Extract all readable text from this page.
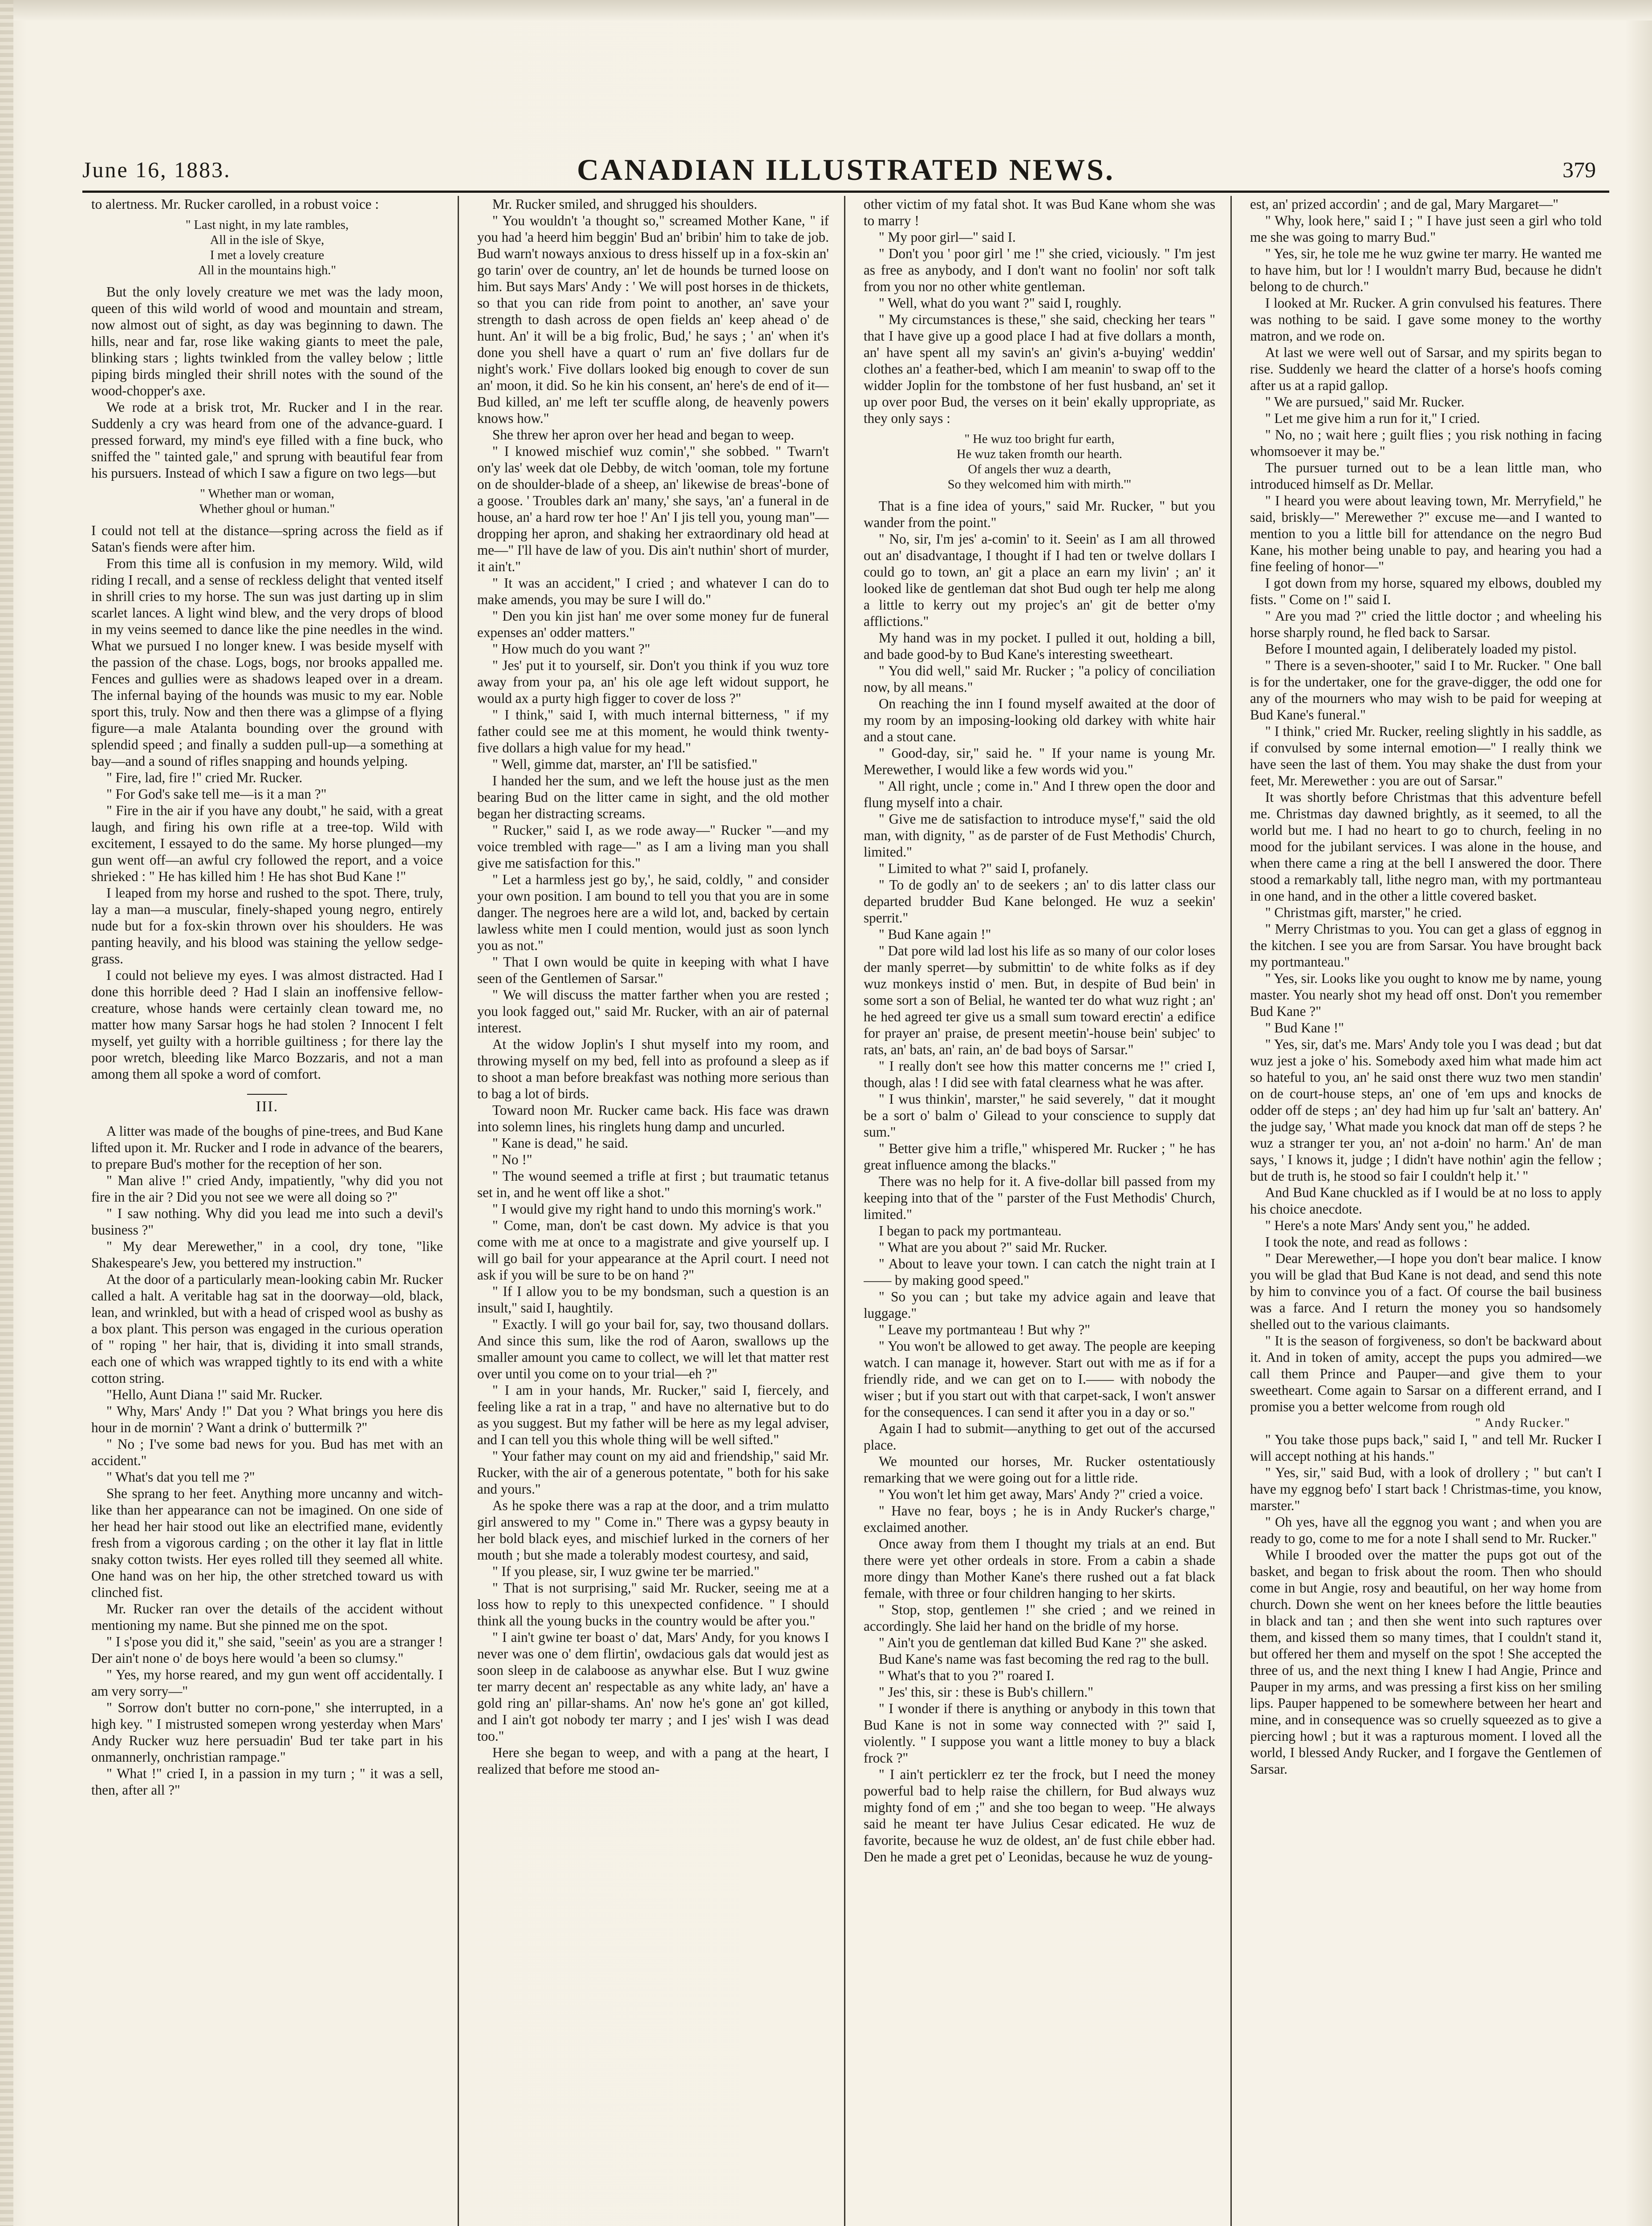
June 16, 1883.	CANADIAN ILLUSTRATED NEWS.	379

to alertness. Mr. Rucker carolled, in a robust voice :

" Last night, in my late rambles,
All in the isle of Skye,
I met a lovely creature
All in the mountains high."

But the only lovely creature we met was the lady moon, queen of this wild world of wood and mountain and stream, now almost out of sight, as day was beginning to dawn. The hills, near and far, rose like waking giants to meet the pale, blinking stars ; lights twinkled from the valley below ; little piping birds mingled their shrill notes with the sound of the wood-chopper's axe.

We rode at a brisk trot, Mr. Rucker and I in the rear. Suddenly a cry was heard from one of the advance-guard. I pressed forward, my mind's eye filled with a fine buck, who sniffed the " tainted gale," and sprung with beautiful fear from his pursuers. Instead of which I saw a figure on two legs—but

" Whether man or woman,
Whether ghoul or human."

I could not tell at the distance—spring across the field as if Satan's fiends were after him.

From this time all is confusion in my memory. Wild, wild riding I recall, and a sense of reckless delight that vented itself in shrill cries to my horse. The sun was just darting up in slim scarlet lances. A light wind blew, and the very drops of blood in my veins seemed to dance like the pine needles in the wind. What we pursued I no longer knew. I was beside myself with the passion of the chase. Logs, bogs, nor brooks appalled me. Fences and gullies were as shadows leaped over in a dream. The infernal baying of the hounds was music to my ear. Noble sport this, truly. Now and then there was a glimpse of a flying figure—a male Atalanta bounding over the ground with splendid speed ; and finally a sudden pull-up—a something at bay—and a sound of rifles snapping and hounds yelping.

" Fire, lad, fire !" cried Mr. Rucker.

" For God's sake tell me—is it a man ?"

" Fire in the air if you have any doubt," he said, with a great laugh, and firing his own rifle at a tree-top. Wild with excitement, I essayed to do the same. My horse plunged—my gun went off—an awful cry followed the report, and a voice shrieked : " He has killed him ! He has shot Bud Kane !"

I leaped from my horse and rushed to the spot. There, truly, lay a man—a muscular, finely-shaped young negro, entirely nude but for a fox-skin thrown over his shoulders. He was panting heavily, and his blood was staining the yellow sedge-grass.

I could not believe my eyes. I was almost distracted. Had I done this horrible deed ? Had I slain an inoffensive fellow-creature, whose hands were certainly clean toward me, no matter how many Sarsar hogs he had stolen ? Innocent I felt myself, yet guilty with a horrible guiltiness ; for there lay the poor wretch, bleeding like Marco Bozzaris, and not a man among them all spoke a word of comfort.

III.

A litter was made of the boughs of pine-trees, and Bud Kane lifted upon it. Mr. Rucker and I rode in advance of the bearers, to prepare Bud's mother for the reception of her son.

" Man alive !" cried Andy, impatiently, "why did you not fire in the air ? Did you not see we were all doing so ?"

" I saw nothing. Why did you lead me into such a devil's business ?"

" My dear Merewether," in a cool, dry tone, "like Shakespeare's Jew, you bettered my instruction."

At the door of a particularly mean-looking cabin Mr. Rucker called a halt. A veritable hag sat in the doorway—old, black, lean, and wrinkled, but with a head of crisped wool as bushy as a box plant. This person was engaged in the curious operation of " roping " her hair, that is, dividing it into small strands, each one of which was wrapped tightly to its end with a white cotton string.

"Hello, Aunt Diana !" said Mr. Rucker.

" Why, Mars' Andy !" Dat you ? What brings you here dis hour in de mornin' ? Want a drink o' buttermilk ?"

" No ; I've some bad news for you. Bud has met with an accident."

" What's dat you tell me ?"

She sprang to her feet. Anything more uncanny and witch-like than her appearance can not be imagined. On one side of her head her hair stood out like an electrified mane, evidently fresh from a vigorous carding ; on the other it lay flat in little snaky cotton twists. Her eyes rolled till they seemed all white. One hand was on her hip, the other stretched toward us with clinched fist.

Mr. Rucker ran over the details of the accident without mentioning my name. But she pinned me on the spot.

" I s'pose you did it," she said, "seein' as you are a stranger ! Der ain't none o' de boys here would 'a been so clumsy."

" Yes, my horse reared, and my gun went off accidentally. I am very sorry—"

" Sorrow don't butter no corn-pone," she interrupted, in a high key. " I mistrusted somepen wrong yesterday when Mars' Andy Rucker wuz here persuadin' Bud ter take part in his onmannerly, onchristian rampage."

" What !" cried I, in a passion in my turn ; " it was a sell, then, after all ?"

Mr. Rucker smiled, and shrugged his shoulders.

" You wouldn't 'a thought so," screamed Mother Kane, " if you had 'a heerd him beggin' Bud an' bribin' him to take de job. Bud warn't noways anxious to dress hisself up in a fox-skin an' go tarin' over de country, an' let de hounds be turned loose on him. But says Mars' Andy : ' We will post horses in de thickets, so that you can ride from point to another, an' save your strength to dash across de open fields an' keep ahead o' de hunt. An' it will be a big frolic, Bud,' he says ; ' an' when it's done you shell have a quart o' rum an' five dollars fur de night's work.' Five dollars looked big enough to cover de sun an' moon, it did. So he kin his consent, an' here's de end of it—Bud killed, an' me left ter scuffle along, de heavenly powers knows how."

She threw her apron over her head and began to weep.

" I knowed mischief wuz comin'," she sobbed. " Twarn't on'y las' week dat ole Debby, de witch 'ooman, tole my fortune on de shoulder-blade of a sheep, an' likewise de breas'-bone of a goose. ' Troubles dark an' many,' she says, 'an' a funeral in de house, an' a hard row ter hoe !' An' I jis tell you, young man"—dropping her apron, and shaking her extraordinary old head at me—" I'll have de law of you. Dis ain't nuthin' short of murder, it ain't."

" It was an accident," I cried ; and whatever I can do to make amends, you may be sure I will do."

" Den you kin jist han' me over some money fur de funeral expenses an' odder matters."

" How much do you want ?"

" Jes' put it to yourself, sir. Don't you think if you wuz tore away from your pa, an' his ole age left widout support, he would ax a purty high figger to cover de loss ?"

" I think," said I, with much internal bitterness, " if my father could see me at this moment, he would think twenty-five dollars a high value for my head."

" Well, gimme dat, marster, an' I'll be satisfied."

I handed her the sum, and we left the house just as the men bearing Bud on the litter came in sight, and the old mother began her distracting screams.

" Rucker," said I, as we rode away—" Rucker "—and my voice trembled with rage—" as I am a living man you shall give me satisfaction for this."

" Let a harmless jest go by,', he said, coldly, " and consider your own position. I am bound to tell you that you are in some danger. The negroes here are a wild lot, and, backed by certain lawless white men I could mention, would just as soon lynch you as not."

" That I own would be quite in keeping with what I have seen of the Gentlemen of Sarsar."

" We will discuss the matter farther when you are rested ; you look fagged out," said Mr. Rucker, with an air of paternal interest.

At the widow Joplin's I shut myself into my room, and throwing myself on my bed, fell into as profound a sleep as if to shoot a man before breakfast was nothing more serious than to bag a lot of birds.

Toward noon Mr. Rucker came back. His face was drawn into solemn lines, his ringlets hung damp and uncurled.

" Kane is dead," he said.

" No !"

" The wound seemed a trifle at first ; but traumatic tetanus set in, and he went off like a shot."

" I would give my right hand to undo this morning's work."

" Come, man, don't be cast down. My advice is that you come with me at once to a magistrate and give yourself up. I will go bail for your appearance at the April court. I need not ask if you will be sure to be on hand ?"

" If I allow you to be my bondsman, such a question is an insult," said I, haughtily.

" Exactly. I will go your bail for, say, two thousand dollars. And since this sum, like the rod of Aaron, swallows up the smaller amount you came to collect, we will let that matter rest over until you come on to your trial—eh ?"

" I am in your hands, Mr. Rucker," said I, fiercely, and feeling like a rat in a trap, " and have no alternative but to do as you suggest. But my father will be here as my legal adviser, and I can tell you this whole thing will be well sifted."

" Your father may count on my aid and friendship," said Mr. Rucker, with the air of a generous potentate, " both for his sake and yours."

As he spoke there was a rap at the door, and a trim mulatto girl answered to my " Come in." There was a gypsy beauty in her bold black eyes, and mischief lurked in the corners of her mouth ; but she made a tolerably modest courtesy, and said,

" If you please, sir, I wuz gwine ter be married."

" That is not surprising," said Mr. Rucker, seeing me at a loss how to reply to this unexpected confidence. " I should think all the young bucks in the country would be after you."

" I ain't gwine ter boast o' dat, Mars' Andy, for you knows I never was one o' dem flirtin', owdacious gals dat would jest as soon sleep in de calaboose as anywhar else. But I wuz gwine ter marry decent an' respectable as any white lady, an' have a gold ring an' pillar-shams. An' now he's gone an' got killed, and I ain't got nobody ter marry ; and I jes' wish I was dead too."

Here she began to weep, and with a pang at the heart, I realized that before me stood an-

other victim of my fatal shot. It was Bud Kane whom she was to marry !

" My poor girl—" said I.

" Don't you ' poor girl ' me !" she cried, viciously. " I'm jest as free as anybody, and I don't want no foolin' nor soft talk from you nor no other white gentleman.

" Well, what do you want ?" said I, roughly.

" My circumstances is these," she said, checking her tears " that I have give up a good place I had at five dollars a month, an' have spent all my savin's an' givin's a-buying' weddin' clothes an' a feather-bed, which I am meanin' to swap off to the widder Joplin for the tombstone of her fust husband, an' set it up over poor Bud, the verses on it bein' ekally uppropriate, as they only says :

" He wuz too bright fur earth,
He wuz taken fromth our hearth.
Of angels ther wuz a dearth,
So they welcomed him with mirth.'"

That is a fine idea of yours," said Mr. Rucker, " but you wander from the point."

" No, sir, I'm jes' a-comin' to it. Seein' as I am all throwed out an' disadvantage, I thought if I had ten or twelve dollars I could go to town, an' git a place an earn my livin' ; an' it looked like de gentleman dat shot Bud ough ter help me along a little to kerry out my projec's an' git de better o'my afflictions."

My hand was in my pocket. I pulled it out, holding a bill, and bade good-by to Bud Kane's interesting sweetheart.

" You did well," said Mr. Rucker ; "a policy of conciliation now, by all means."

On reaching the inn I found myself awaited at the door of my room by an imposing-looking old darkey with white hair and a stout cane.

" Good-day, sir," said he. " If your name is young Mr. Merewether, I would like a few words wid you."

" All right, uncle ; come in." And I threw open the door and flung myself into a chair.

" Give me de satisfaction to introduce myse'f," said the old man, with dignity, " as de parster of de Fust Methodis' Church, limited."

" Limited to what ?" said I, profanely.

" To de godly an' to de seekers ; an' to dis latter class our departed brudder Bud Kane belonged. He wuz a seekin' sperrit."

" Bud Kane again !"

" Dat pore wild lad lost his life as so many of our color loses der manly sperret—by submittin' to de white folks as if dey wuz monkeys instid o' men. But, in despite of Bud bein' in some sort a son of Belial, he wanted ter do what wuz right ; an' he hed agreed ter give us a small sum toward erectin' a edifice for prayer an' praise, de present meetin'-house bein' subjec' to rats, an' bats, an' rain, an' de bad boys of Sarsar."

" I really don't see how this matter concerns me !" cried I, though, alas ! I did see with fatal clearness what he was after.

" I wus thinkin', marster," he said severely, " dat it mought be a sort o' balm o' Gilead to your conscience to supply dat sum."

" Better give him a trifle," whispered Mr. Rucker ; " he has great influence among the blacks."

There was no help for it. A five-dollar bill passed from my keeping into that of the " parster of the Fust Methodis' Church, limited."

I began to pack my portmanteau.

" What are you about ?" said Mr. Rucker.

" About to leave your town. I can catch the night train at I—— by making good speed."

" So you can ; but take my advice again and leave that luggage."

" Leave my portmanteau ! But why ?"

" You won't be allowed to get away. The people are keeping watch. I can manage it, however. Start out with me as if for a friendly ride, and we can get on to I.—— with nobody the wiser ; but if you start out with that carpet-sack, I won't answer for the consequences. I can send it after you in a day or so."

Again I had to submit—anything to get out of the accursed place.

We mounted our horses, Mr. Rucker ostentatiously remarking that we were going out for a little ride.

" You won't let him get away, Mars' Andy ?" cried a voice.

" Have no fear, boys ; he is in Andy Rucker's charge," exclaimed another.

Once away from them I thought my trials at an end. But there were yet other ordeals in store. From a cabin a shade more dingy than Mother Kane's there rushed out a fat black female, with three or four children hanging to her skirts.

" Stop, stop, gentlemen !" she cried ; and we reined in accordingly. She laid her hand on the bridle of my horse.

" Ain't you de gentleman dat killed Bud Kane ?" she asked.

Bud Kane's name was fast becoming the red rag to the bull.

" What's that to you ?" roared I.

" Jes' this, sir : these is Bub's chillern."

" I wonder if there is anything or anybody in this town that Bud Kane is not in some way connected with ?" said I, violently. " I suppose you want a little money to buy a black frock ?"

" I ain't perticklerr ez ter the frock, but I need the money powerful bad to help raise the chillern, for Bud always wuz mighty fond of em ;" and she too began to weep. "He always said he meant ter have Julius Cesar edicated. He wuz de favorite, because he wuz de oldest, an' de fust chile ebber had. Den he made a gret pet o' Leonidas, because he wuz de young-

est, an' prized accordin' ; and de gal, Mary Margaret—"

" Why, look here," said I ; " I have just seen a girl who told me she was going to marry Bud."

" Yes, sir, he tole me he wuz gwine ter marry. He wanted me to have him, but lor ! I wouldn't marry Bud, because he didn't belong to de church."

I looked at Mr. Rucker. A grin convulsed his features. There was nothing to be said. I gave some money to the worthy matron, and we rode on.

At last we were well out of Sarsar, and my spirits began to rise. Suddenly we heard the clatter of a horse's hoofs coming after us at a rapid gallop.

" We are pursued," said Mr. Rucker.

" Let me give him a run for it," I cried.

" No, no ; wait here ; guilt flies ; you risk nothing in facing whomsoever it may be."

The pursuer turned out to be a lean little man, who introduced himself as Dr. Mellar.

" I heard you were about leaving town, Mr. Merryfield," he said, briskly—" Merewether ?" excuse me—and I wanted to mention to you a little bill for attendance on the negro Bud Kane, his mother being unable to pay, and hearing you had a fine feeling of honor—"

I got down from my horse, squared my elbows, doubled my fists. " Come on !" said I.

" Are you mad ?" cried the little doctor ; and wheeling his horse sharply round, he fled back to Sarsar.

Before I mounted again, I deliberately loaded my pistol.

" There is a seven-shooter," said I to Mr. Rucker. " One ball is for the undertaker, one for the grave-digger, the odd one for any of the mourners who may wish to be paid for weeping at Bud Kane's funeral."

" I think," cried Mr. Rucker, reeling slightly in his saddle, as if convulsed by some internal emotion—" I really think we have seen the last of them. You may shake the dust from your feet, Mr. Merewether : you are out of Sarsar."

It was shortly before Christmas that this adventure befell me. Christmas day dawned brightly, as it seemed, to all the world but me. I had no heart to go to church, feeling in no mood for the jubilant services. I was alone in the house, and when there came a ring at the bell I answered the door. There stood a remarkably tall, lithe negro man, with my portmanteau in one hand, and in the other a little covered basket.

" Christmas gift, marster," he cried.

" Merry Christmas to you. You can get a glass of eggnog in the kitchen. I see you are from Sarsar. You have brought back my portmanteau."

" Yes, sir. Looks like you ought to know me by name, young master. You nearly shot my head off onst. Don't you remember Bud Kane ?"

" Bud Kane !"

" Yes, sir, dat's me. Mars' Andy tole you I was dead ; but dat wuz jest a joke o' his. Somebody axed him what made him act so hateful to you, an' he said onst there wuz two men standin' on de court-house steps, an' one of 'em ups and knocks de odder off de steps ; an' dey had him up fur 'salt an' battery. An' the judge say, ' What made you knock dat man off de steps ? he wuz a stranger ter you, an' not a-doin' no harm.' An' de man says, ' I knows it, judge ; I didn't have nothin' agin the fellow ; but de truth is, he stood so fair I couldn't help it.' "

And Bud Kane chuckled as if I would be at no loss to apply his choice anecdote.

" Here's a note Mars' Andy sent you," he added.

I took the note, and read as follows :

" Dear Merewether,—I hope you don't bear malice. I know you will be glad that Bud Kane is not dead, and send this note by him to convince you of a fact. Of course the bail business was a farce. And I return the money you so handsomely shelled out to the various claimants.

" It is the season of forgiveness, so don't be backward about it. And in token of amity, accept the pups you admired—we call them Prince and Pauper—and give them to your sweetheart. Come again to Sarsar on a different errand, and I promise you a better welcome from rough old

" Andy Rucker."

" You take those pups back," said I, " and tell Mr. Rucker I will accept nothing at his hands."

" Yes, sir," said Bud, with a look of drollery ; " but can't I have my eggnog befo' I start back ! Christmas-time, you know, marster."

" Oh yes, have all the eggnog you want ; and when you are ready to go, come to me for a note I shall send to Mr. Rucker."

While I brooded over the matter the pups got out of the basket, and began to frisk about the room. Then who should come in but Angie, rosy and beautiful, on her way home from church. Down she went on her knees before the little beauties in black and tan ; and then she went into such raptures over them, and kissed them so many times, that I couldn't stand it, but offered her them and myself on the spot ! She accepted the three of us, and the next thing I knew I had Angie, Prince and Pauper in my arms, and was pressing a first kiss on her smiling lips. Pauper happened to be somewhere between her heart and mine, and in consequence was so cruelly squeezed as to give a piercing howl ; but it was a rapturous moment. I loved all the world, I blessed Andy Rucker, and I forgave the Gentlemen of Sarsar.
